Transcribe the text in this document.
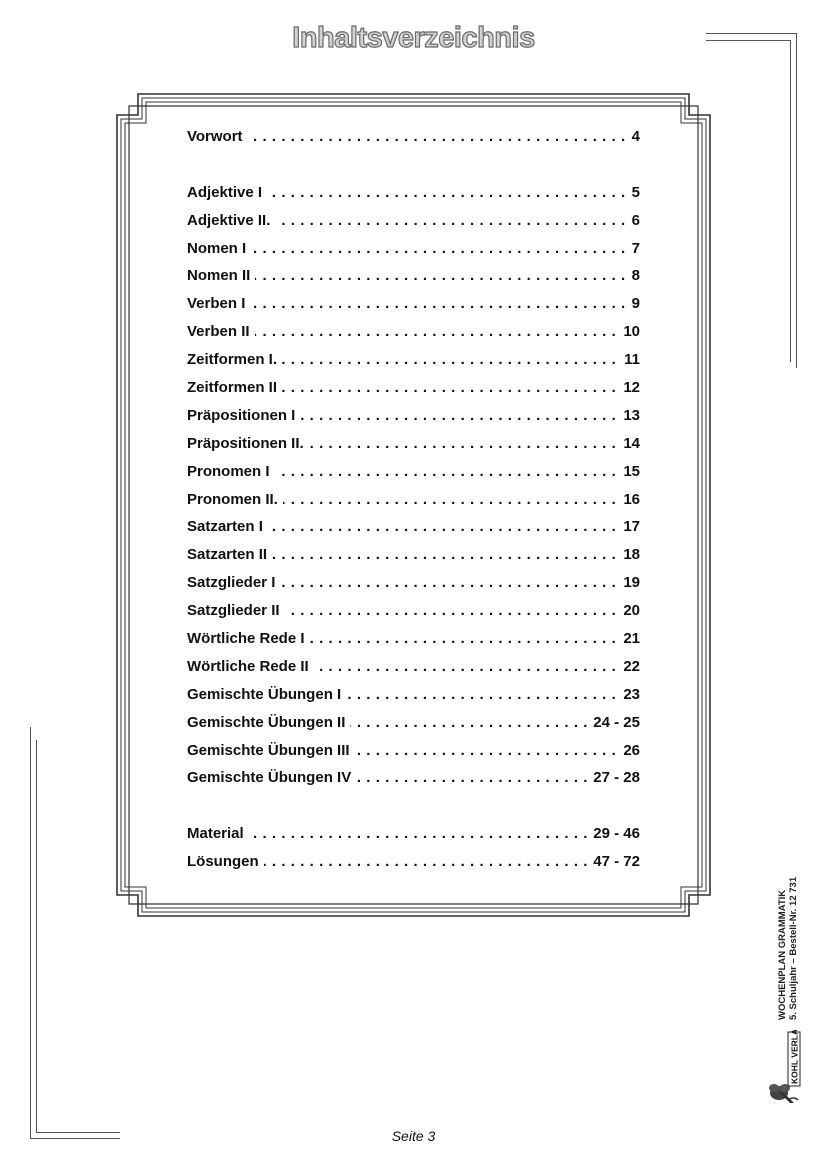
Inhaltsverzeichnis
. . . Vorwort	4
. . . Adjektive I	5
. . . Adjektive II.	6
. . . Nomen I	7
. . . Nomen II	8
. . . Verben I	9
. . . Verben II	10
. . . Zeitformen I.	11
. . . Zeitformen II	12
. . . Präpositionen I	13
. . . Präpositionen II.	14
. . . Pronomen I	15
. . . Pronomen II.	16
. . . Satzarten I	17
. . . Satzarten II	18
. . . Satzglieder I	19
. . . Satzglieder II	20
. . . Wörtliche Rede I	21
. . . Wörtliche Rede II	22
. . . Gemischte Übungen I	23
. . . Gemischte Übungen II	24 - 25
. . . Gemischte Übungen III	26
. . . Gemischte Übungen IV	27 - 28
. . . Material	29 - 46
. . . Lösungen	47 - 72
WOCHENPLAN GRAMMATIK 5. Schuljahr – Bestell-Nr. 12 731
KOHL VERLAG
Seite 3
